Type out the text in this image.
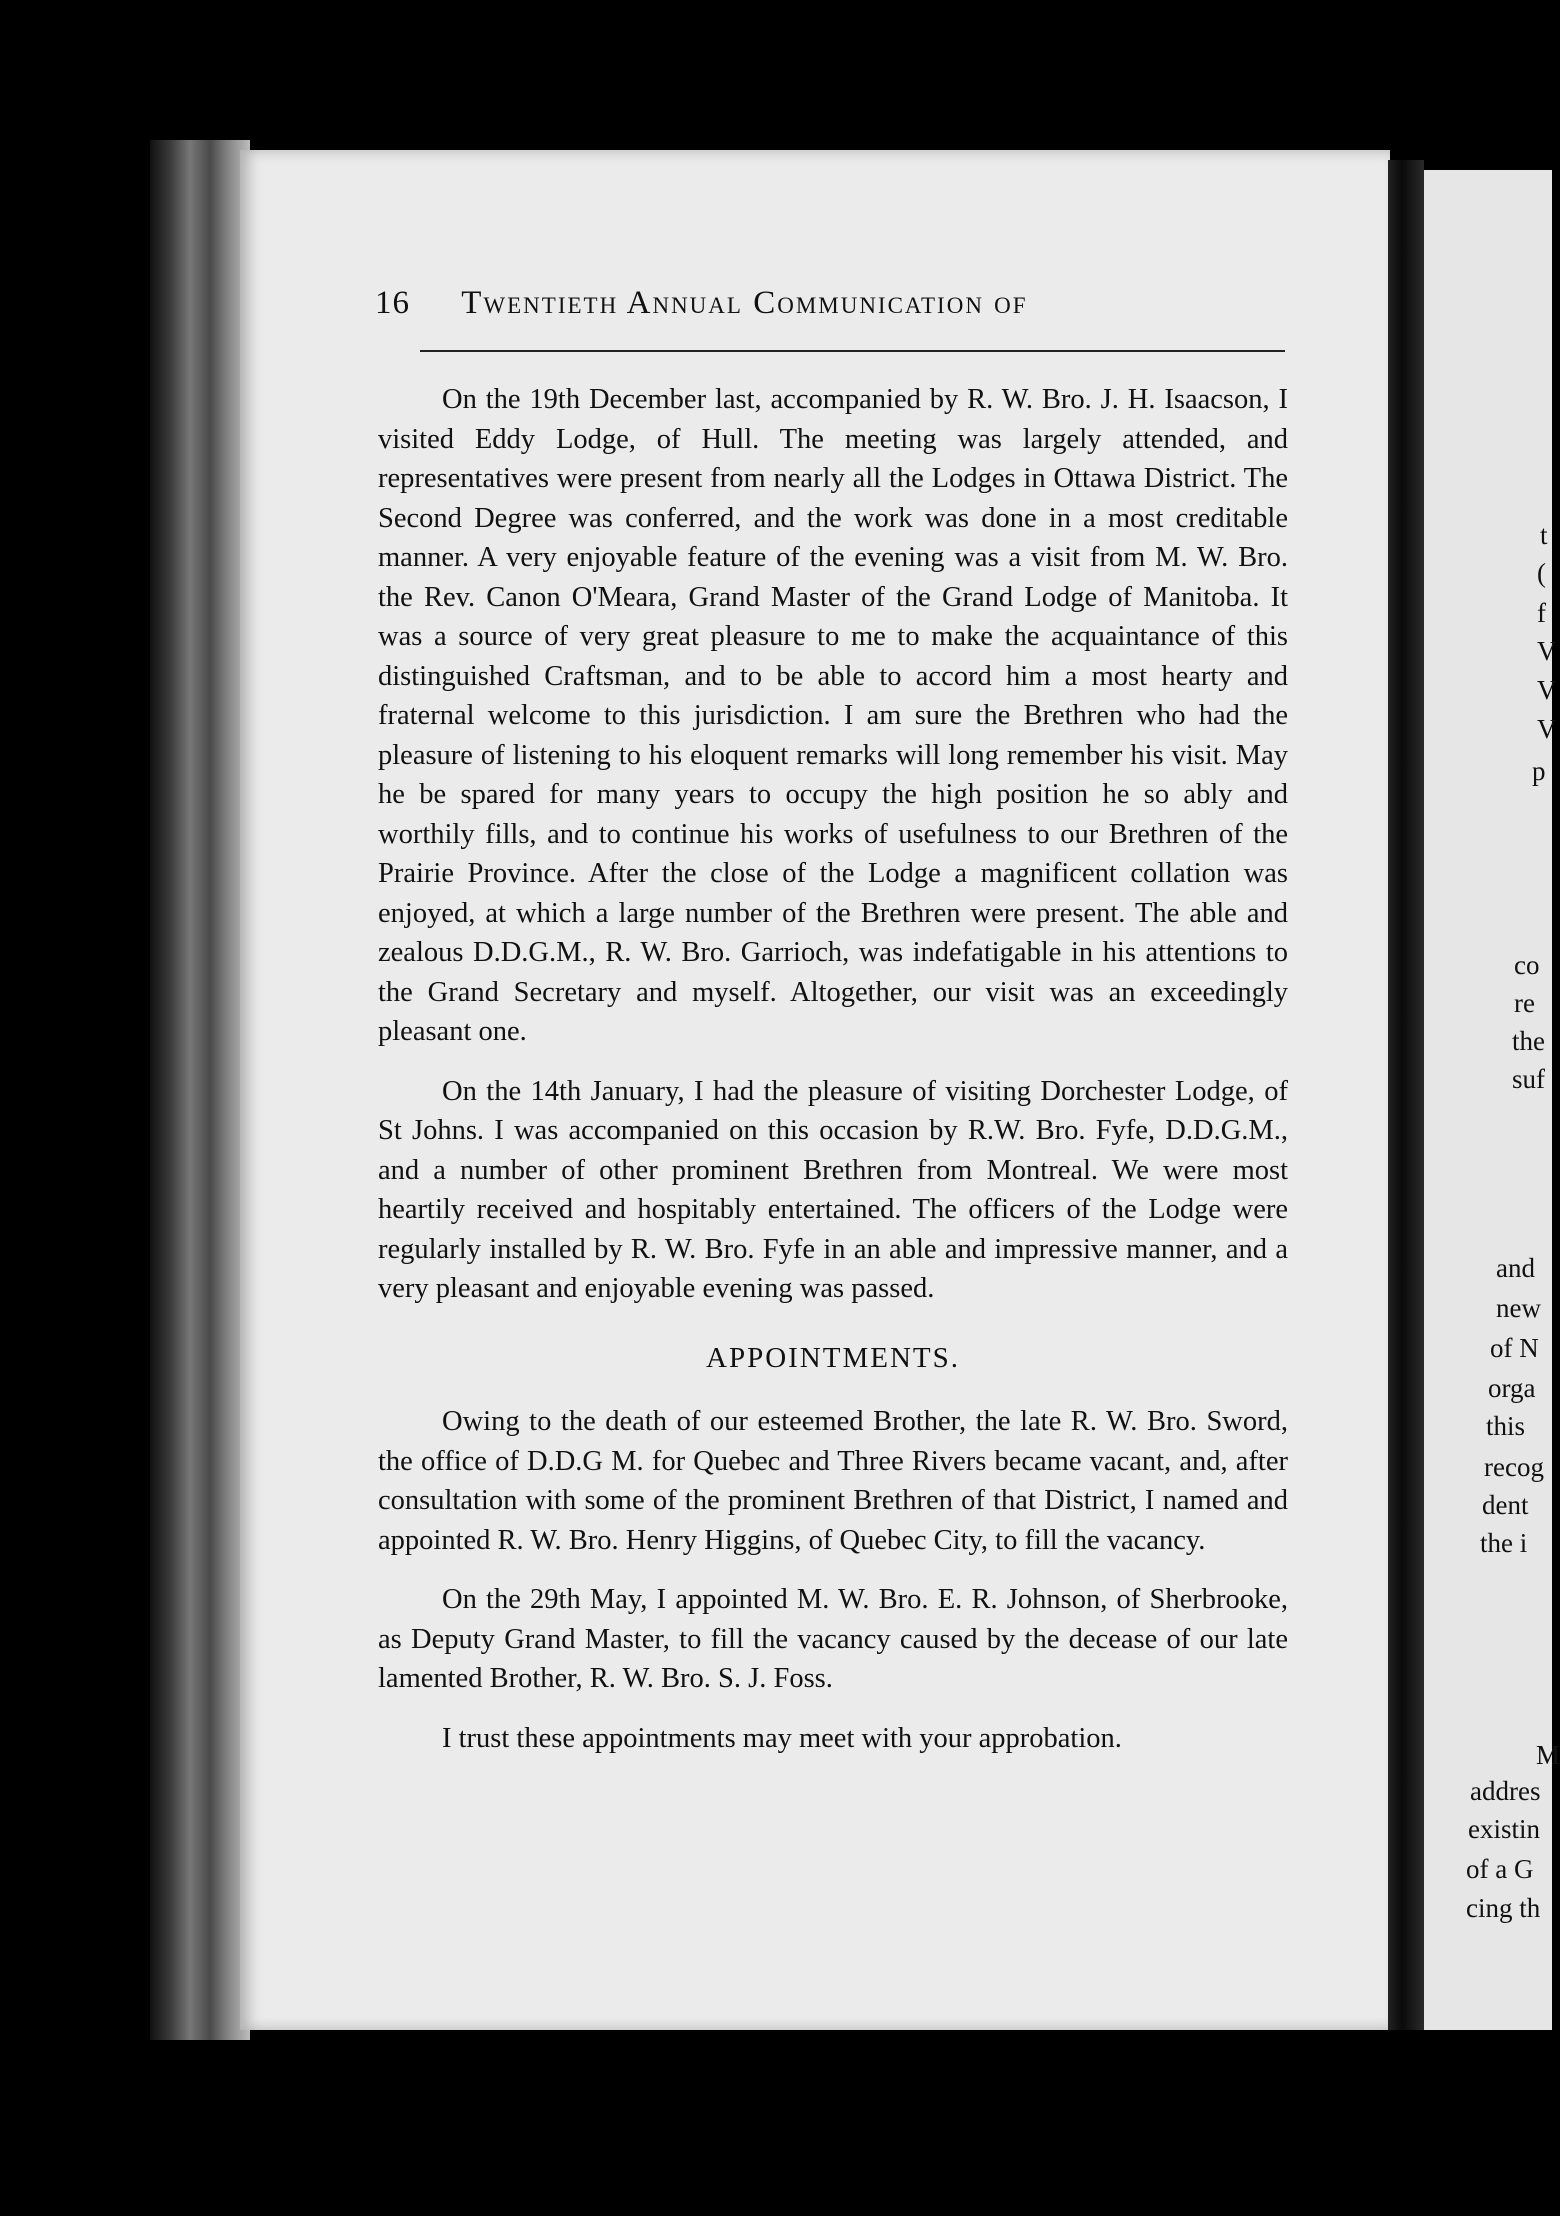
16 Twentieth Annual Communication of

On the 19th December last, accompanied by R. W. Bro. J. H. Isaacson, I visited Eddy Lodge, of Hull. The meeting was largely attended, and representatives were present from nearly all the Lodges in Ottawa District. The Second Degree was conferred, and the work was done in a most creditable manner. A very enjoyable feature of the evening was a visit from M. W. Bro. the Rev. Canon O'Meara, Grand Master of the Grand Lodge of Manitoba. It was a source of very great pleasure to me to make the acquaintance of this distinguished Craftsman, and to be able to accord him a most hearty and fraternal welcome to this jurisdiction. I am sure the Brethren who had the pleasure of listening to his eloquent remarks will long remember his visit. May he be spared for many years to occupy the high position he so ably and worthily fills, and to continue his works of usefulness to our Brethren of the Prairie Province. After the close of the Lodge a magnificent collation was enjoyed, at which a large number of the Brethren were present. The able and zealous D.D.G.M., R. W. Bro. Garrioch, was indefatigable in his attentions to the Grand Secretary and myself. Altogether, our visit was an exceedingly pleasant one.

On the 14th January, I had the pleasure of visiting Dorchester Lodge, of St Johns. I was accompanied on this occasion by R.W. Bro. Fyfe, D.D.G.M., and a number of other prominent Brethren from Montreal. We were most heartily received and hospitably entertained. The officers of the Lodge were regularly installed by R. W. Bro. Fyfe in an able and impressive manner, and a very pleasant and enjoyable evening was passed.

APPOINTMENTS.

Owing to the death of our esteemed Brother, the late R. W. Bro. Sword, the office of D.D.G M. for Quebec and Three Rivers became vacant, and, after consultation with some of the prominent Brethren of that District, I named and appointed R. W. Bro. Henry Higgins, of Quebec City, to fill the vacancy.

On the 29th May, I appointed M. W. Bro. E. R. Johnson, of Sherbrooke, as Deputy Grand Master, to fill the vacancy caused by the decease of our late lamented Brother, R. W. Bro. S. J. Foss.

I trust these appointments may meet with your approbation.

t
(
f
V
V
V
p
co
re
the
suf
and
new
of N
orga
this
recog
dent
the i
M
addres
existin
of a G
cing th
